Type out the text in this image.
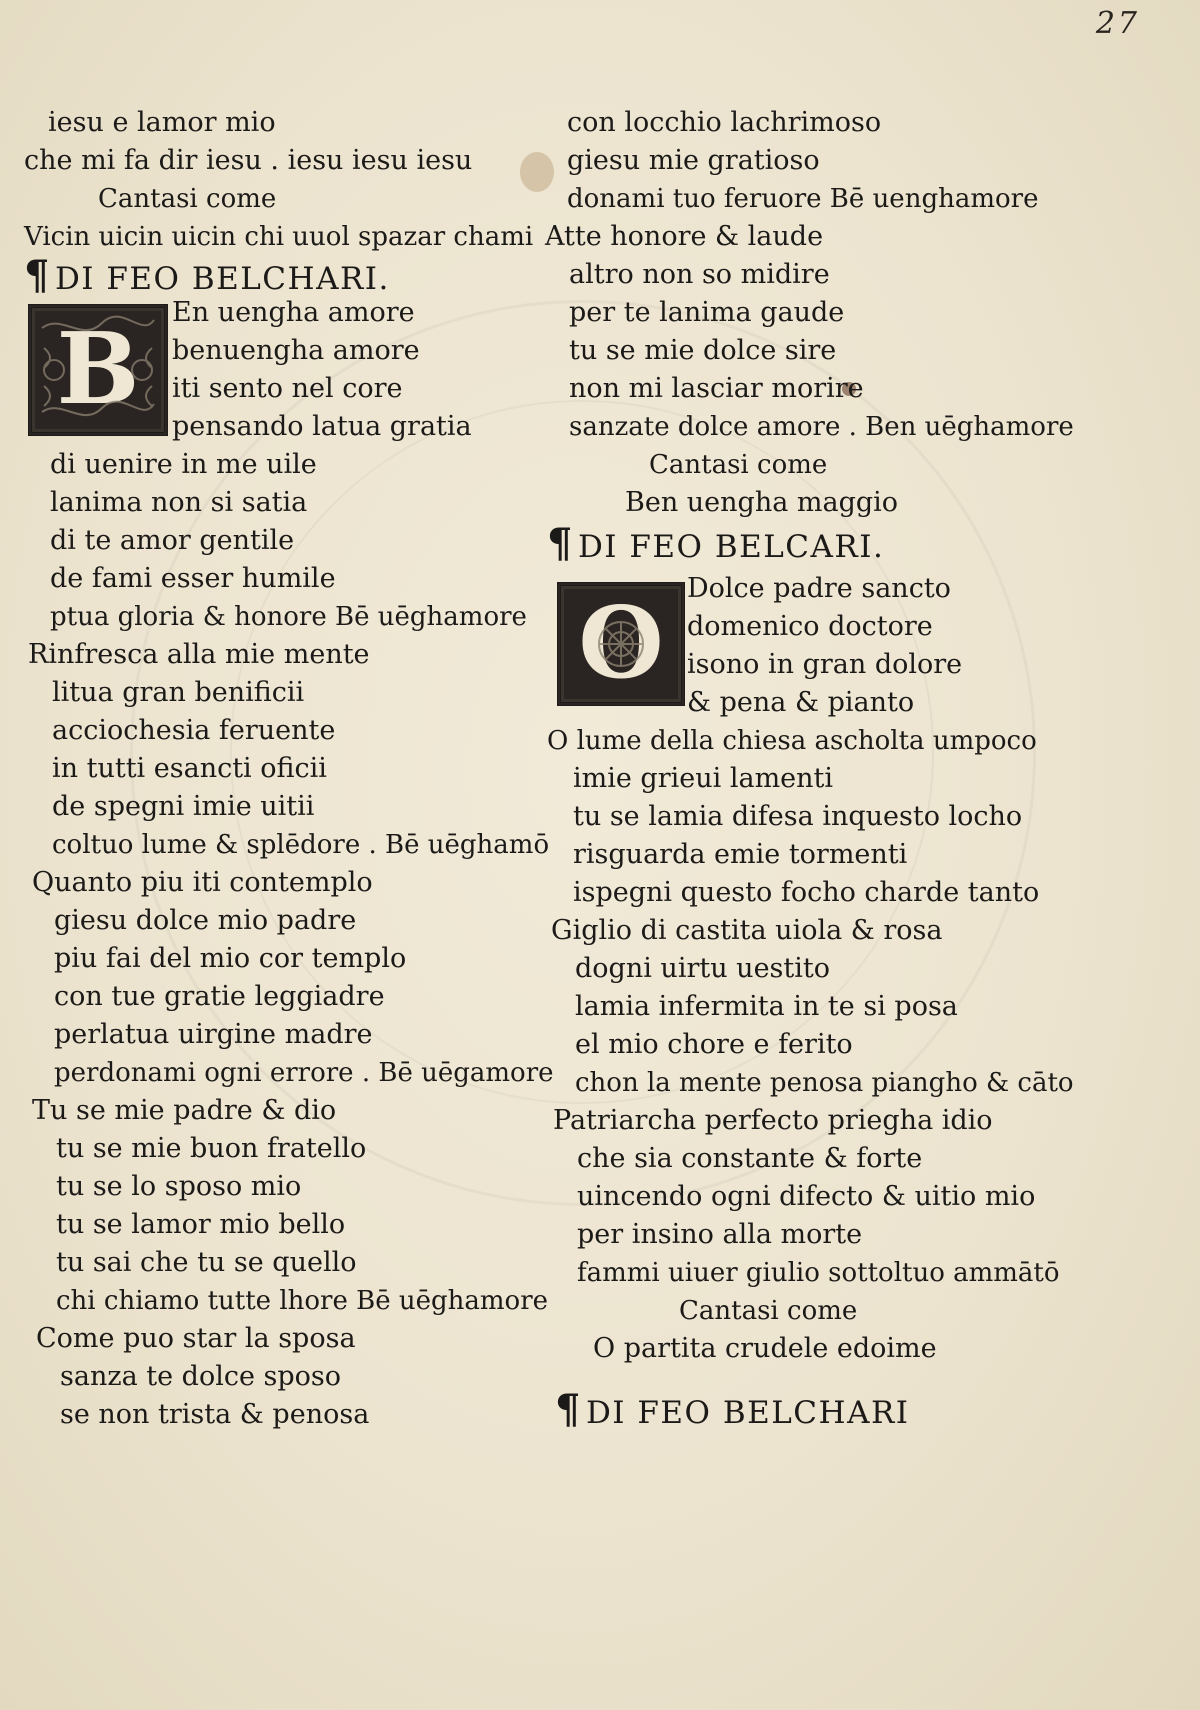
27
iesu e lamor mio
che mi fa dir iesu . iesu iesu iesu
Cantasi come
Vicin uicin uicin chi uuol spazar chami
¶ DI FEO BELCHARI.
B En uengha amore
benuengha amore
iti sento nel core
pensando latua gratia
di uenire in me uile
lanima non si satia
di te amor gentile
de fami esser humile
ptua gloria & honore Bē uēghamore
Rinfresca alla mie mente
litua gran benificii
acciochesia feruente
in tutti esancti oficii
de spegni imie uitii
coltuo lume & splēdore . Bē uēghamō
Quanto piu iti contemplo
giesu dolce mio padre
piu fai del mio cor templo
con tue gratie leggiadre
perlatua uirgine madre
perdonami ogni errore . Bē uēgamore
Tu se mie padre & dio
tu se mie buon fratello
tu se lo sposo mio
tu se lamor mio bello
tu sai che tu se quello
chi chiamo tutte lhore Bē uēghamore
Come puo star la sposa
sanza te dolce sposo
se non trista & penosa
con locchio lachrimoso
giesu mie gratioso
donami tuo feruore Bē uenghamore
Atte honore & laude
altro non so midire
per te lanima gaude
tu se mie dolce sire
non mi lasciar morire
sanzate dolce amore . Ben uēghamore
Cantasi come
Ben uengha maggio
¶ DI FEO BELCARI.
O Dolce padre sancto
domenico doctore
isono in gran dolore
& pena & pianto
O lume della chiesa ascholta umpoco
imie grieui lamenti
tu se lamia difesa inquesto locho
risguarda emie tormenti
ispegni questo focho charde tanto
Giglio di castita uiola & rosa
dogni uirtu uestito
lamia infermita in te si posa
el mio chore e ferito
chon la mente penosa piangho & cāto
Patriarcha perfecto priegha idio
che sia constante & forte
uincendo ogni difecto & uitio mio
per insino alla morte
fammi uiuer giulio sottoltuo ammātō
Cantasi come
O partita crudele edoime
¶ DI FEO BELCHARI
